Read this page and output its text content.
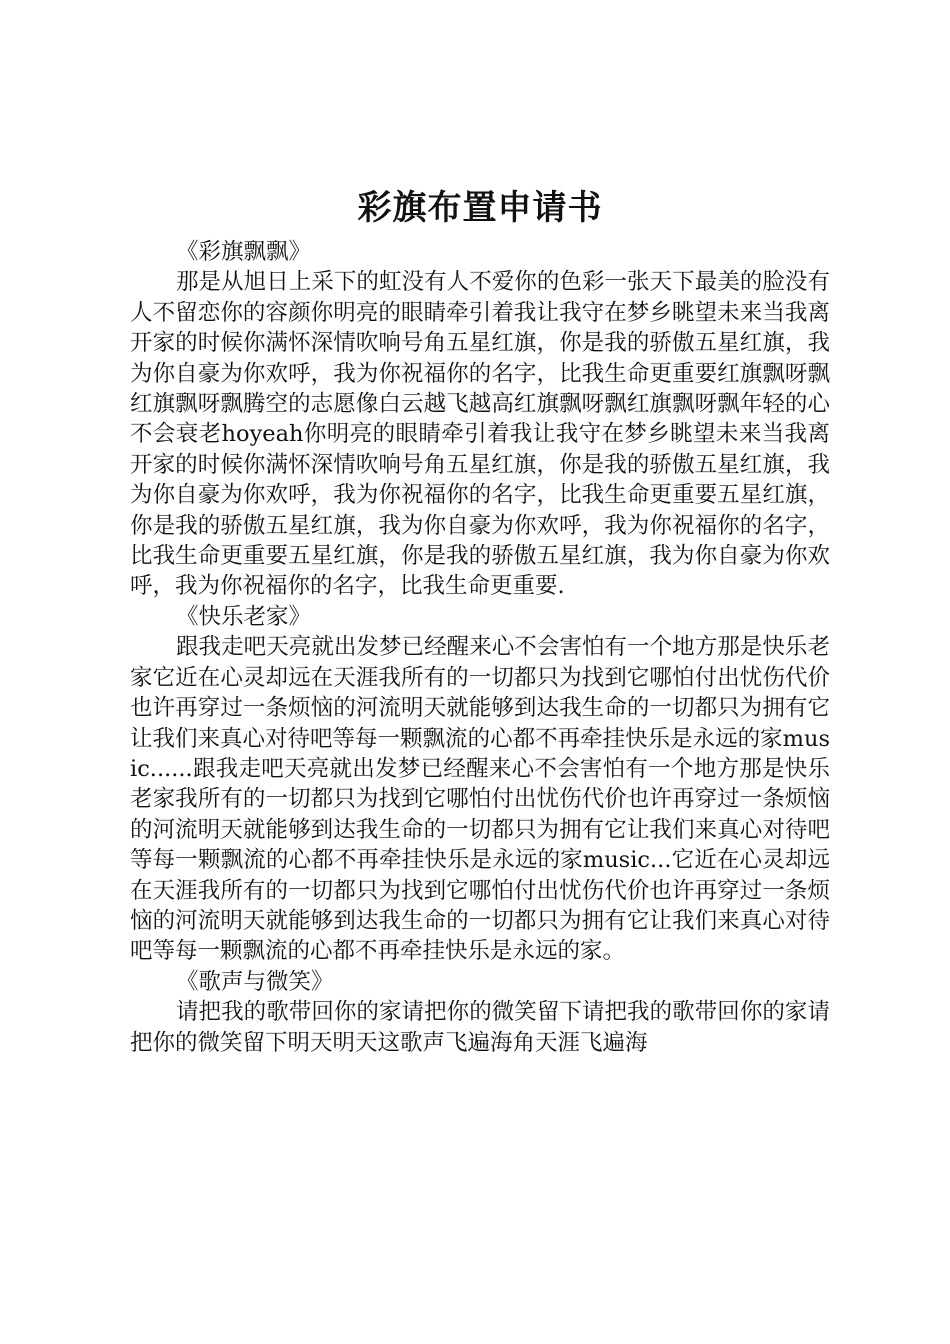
彩旗布置申请书

《彩旗飘飘》

那是从旭日上采下的虹没有人不爱你的色彩一张天下最美的脸没有人不留恋你的容颜你明亮的眼睛牵引着我让我守在梦乡眺望未来当我离开家的时候你满怀深情吹响号角五星红旗，你是我的骄傲五星红旗，我为你自豪为你欢呼，我为你祝福你的名字，比我生命更重要红旗飘呀飘红旗飘呀飘腾空的志愿像白云越飞越高红旗飘呀飘红旗飘呀飘年轻的心不会衰老hoyeah你明亮的眼睛牵引着我让我守在梦乡眺望未来当我离开家的时候你满怀深情吹响号角五星红旗，你是我的骄傲五星红旗，我为你自豪为你欢呼，我为你祝福你的名字，比我生命更重要五星红旗，你是我的骄傲五星红旗，我为你自豪为你欢呼，我为你祝福你的名字，比我生命更重要五星红旗，你是我的骄傲五星红旗，我为你自豪为你欢呼，我为你祝福你的名字，比我生命更重要.

《快乐老家》

跟我走吧天亮就出发梦已经醒来心不会害怕有一个地方那是快乐老家它近在心灵却远在天涯我所有的一切都只为找到它哪怕付出忧伤代价也许再穿过一条烦恼的河流明天就能够到达我生命的一切都只为拥有它让我们来真心对待吧等每一颗飘流的心都不再牵挂快乐是永远的家music......跟我走吧天亮就出发梦已经醒来心不会害怕有一个地方那是快乐老家我所有的一切都只为找到它哪怕付出忧伤代价也许再穿过一条烦恼的河流明天就能够到达我生命的一切都只为拥有它让我们来真心对待吧等每一颗飘流的心都不再牵挂快乐是永远的家music...它近在心灵却远在天涯我所有的一切都只为找到它哪怕付出忧伤代价也许再穿过一条烦恼的河流明天就能够到达我生命的一切都只为拥有它让我们来真心对待吧等每一颗飘流的心都不再牵挂快乐是永远的家。

《歌声与微笑》

请把我的歌带回你的家请把你的微笑留下请把我的歌带回你的家请把你的微笑留下明天明天这歌声飞遍海角天涯飞遍海
